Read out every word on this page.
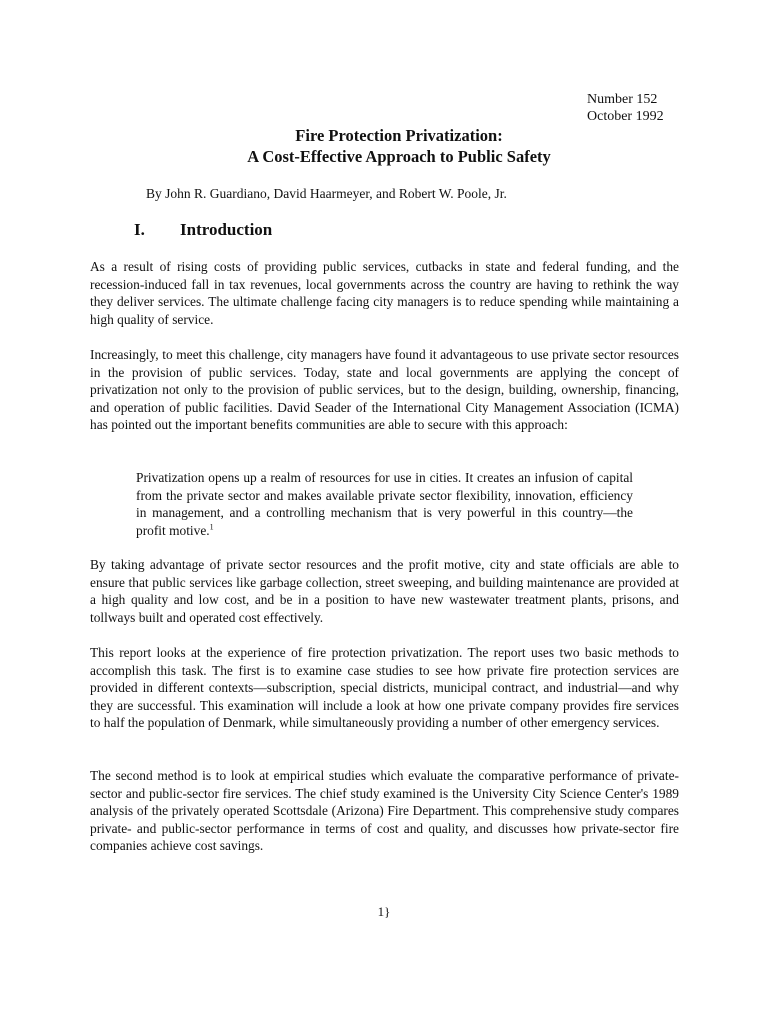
Number 152
October 1992
Fire Protection Privatization:
A Cost-Effective Approach to Public Safety
By John R. Guardiano, David Haarmeyer, and Robert W. Poole, Jr.
I. Introduction

As a result of rising costs of providing public services, cutbacks in state and federal funding, and the recession-induced fall in tax revenues, local governments across the country are having to rethink the way they deliver services. The ultimate challenge facing city managers is to reduce spending while maintaining a high quality of service.

Increasingly, to meet this challenge, city managers have found it advantageous to use private sector resources in the provision of public services. Today, state and local governments are applying the concept of privatization not only to the provision of public services, but to the design, building, ownership, financing, and operation of public facilities. David Seader of the International City Management Association (ICMA) has pointed out the important benefits communities are able to secure with this approach:

Privatization opens up a realm of resources for use in cities. It creates an infusion of capital from the private sector and makes available private sector flexibility, innovation, efficiency in management, and a controlling mechanism that is very powerful in this country—the profit motive.$^1$

By taking advantage of private sector resources and the profit motive, city and state officials are able to ensure that public services like garbage collection, street sweeping, and building maintenance are provided at a high quality and low cost, and be in a position to have new wastewater treatment plants, prisons, and tollways built and operated cost effectively.

This report looks at the experience of fire protection privatization. The report uses two basic methods to accomplish this task. The first is to examine case studies to see how private fire protection services are provided in different contexts—subscription, special districts, municipal contract, and industrial—and why they are successful. This examination will include a look at how one private company provides fire services to half the population of Denmark, while simultaneously providing a number of other emergency services.

The second method is to look at empirical studies which evaluate the comparative performance of private-sector and public-sector fire services. The chief study examined is the University City Science Center's 1989 analysis of the privately operated Scottsdale (Arizona) Fire Department. This comprehensive study compares private- and public-sector performance in terms of cost and quality, and discusses how private-sector fire companies achieve cost savings.

1}
